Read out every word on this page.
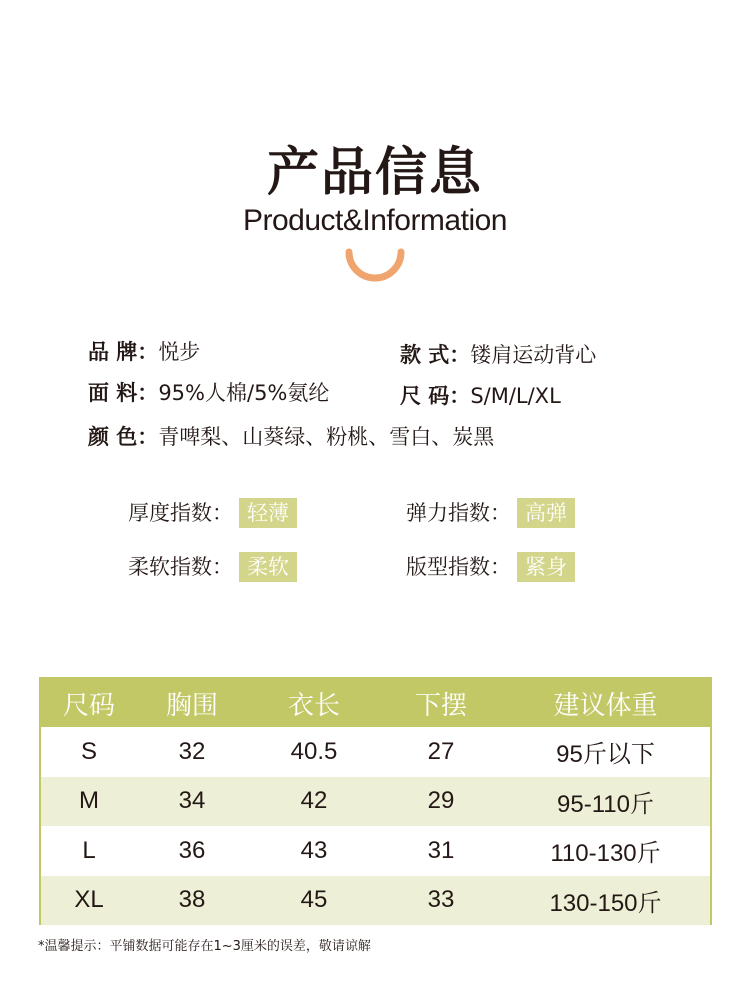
产品信息
Product&Information
品 牌：悦步	款 式：镂肩运动背心
面 料：95%人棉/5%氨纶	尺 码：S/M/L/XL
颜 色：青啤梨、山葵绿、粉桃、雪白、炭黑
厚度指数： 轻薄	弹力指数： 高弹
柔软指数： 柔软	版型指数： 紧身
尺码	胸围	衣长	下摆	建议体重
S	32	40.5	27	95斤以下
M	34	42	29	95-110斤
L	36	43	31	110-130斤
XL	38	45	33	130-150斤
*温馨提示：平铺数据可能存在1~3厘米的误差，敬请谅解
